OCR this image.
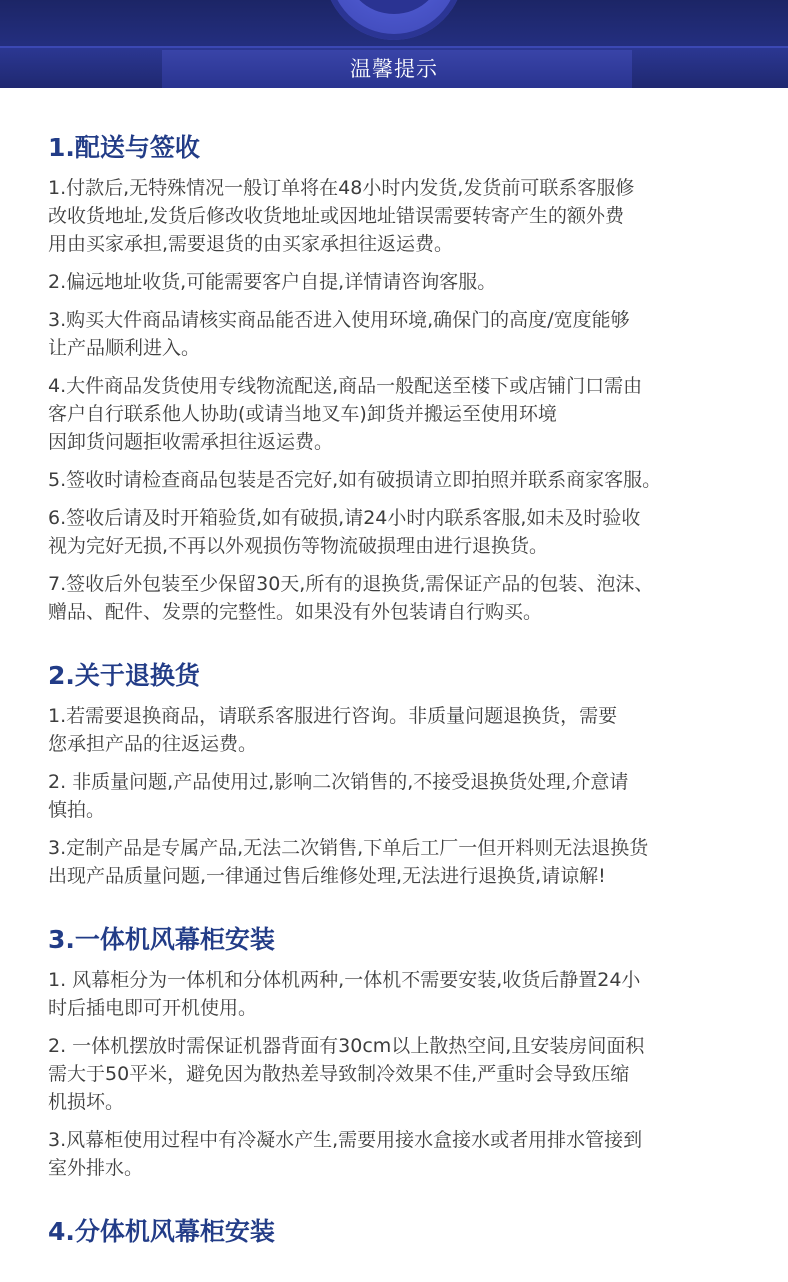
温馨提示
1.配送与签收
1.付款后,无特殊情况一般订单将在48小时内发货,发货前可联系客服修
改收货地址,发货后修改收货地址或因地址错误需要转寄产生的额外费
用由买家承担,需要退货的由买家承担往返运费。
2.偏远地址收货,可能需要客户自提,详情请咨询客服。
3.购买大件商品请核实商品能否进入使用环境,确保门的高度/宽度能够
让产品顺利进入。
4.大件商品发货使用专线物流配送,商品一般配送至楼下或店铺门口需由
客户自行联系他人协助(或请当地叉车)卸货并搬运至使用环境
因卸货问题拒收需承担往返运费。
5.签收时请检查商品包装是否完好,如有破损请立即拍照并联系商家客服。
6.签收后请及时开箱验货,如有破损,请24小时内联系客服,如未及时验收
视为完好无损,不再以外观损伤等物流破损理由进行退换货。
7.签收后外包装至少保留30天,所有的退换货,需保证产品的包装、泡沫、
赠品、配件、发票的完整性。如果没有外包装请自行购买。
2.关于退换货
1.若需要退换商品，请联系客服进行咨询。非质量问题退换货，需要
您承担产品的往返运费。
2. 非质量问题,产品使用过,影响二次销售的,不接受退换货处理,介意请
慎拍。
3.定制产品是专属产品,无法二次销售,下单后工厂一但开料则无法退换货
出现产品质量问题,一律通过售后维修处理,无法进行退换货,请谅解!
3.一体机风幕柜安装
1. 风幕柜分为一体机和分体机两种,一体机不需要安装,收货后静置24小
时后插电即可开机使用。
2. 一体机摆放时需保证机器背面有30cm以上散热空间,且安装房间面积
需大于50平米，避免因为散热差导致制冷效果不佳,严重时会导致压缩
机损坏。
3.风幕柜使用过程中有冷凝水产生,需要用接水盒接水或者用排水管接到
室外排水。
4.分体机风幕柜安装
